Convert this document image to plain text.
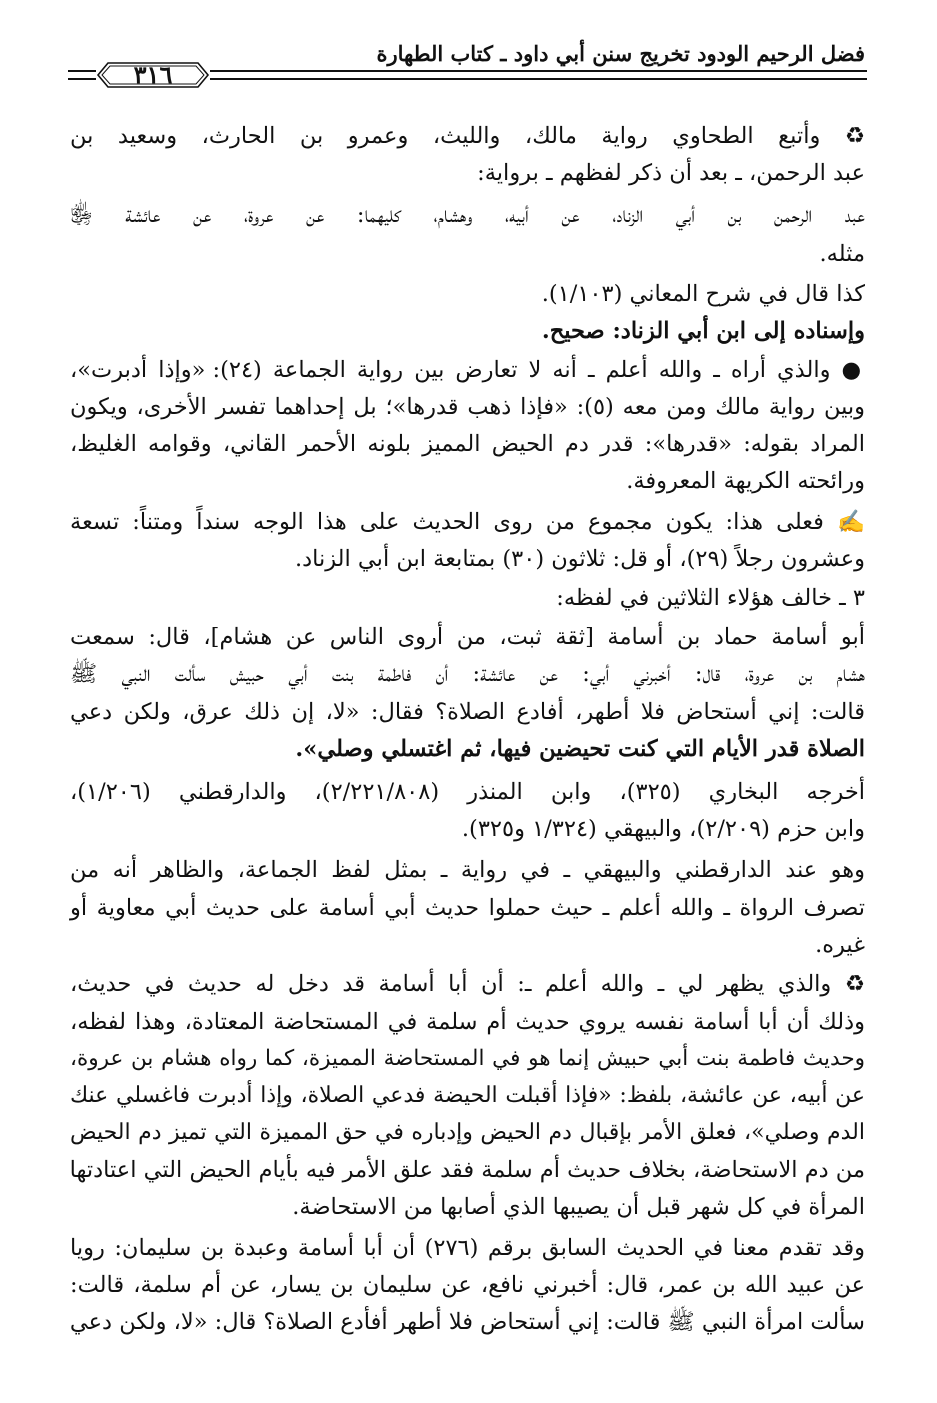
فضل الرحيم الودود تخريج سنن أبي داود ـ كتاب الطهارة
٣١٦
♻ وأتبع الطحاوي رواية مالك، والليث، وعمرو بن الحارث، وسعيد بن
عبد الرحمن، ـ بعد أن ذكر لفظهم ـ برواية:
عبد الرحمن بن أبي الزناد، عن أبيه، وهشام، كليهما: عن عروة، عن عائشة ﵂
مثله.
كذا قال في شرح المعاني (١/١٠٣).
وإسناده إلى ابن أبي الزناد: صحيح.
● والذي أراه ـ والله أعلم ـ أنه لا تعارض بين رواية الجماعة (٢٤): «وإذا أدبرت»،
وبين رواية مالك ومن معه (٥): «فإذا ذهب قدرها»؛ بل إحداهما تفسر الأخرى، ويكون
المراد بقوله: «قدرها»: قدر دم الحيض المميز بلونه الأحمر القاني، وقوامه الغليظ،
ورائحته الكريهة المعروفة.
✍ فعلى هذا: يكون مجموع من روى الحديث على هذا الوجه سنداً ومتناً: تسعة
وعشرون رجلاً (٢٩)، أو قل: ثلاثون (٣٠) بمتابعة ابن أبي الزناد.
٣ ـ خالف هؤلاء الثلاثين في لفظه:
أبو أسامة حماد بن أسامة [ثقة ثبت، من أروى الناس عن هشام]، قال: سمعت
هشام بن عروة، قال: أخبرني أبي: عن عائشة: أن فاطمة بنت أبي حبيش سألت النبي ﷺ
قالت: إني أستحاض فلا أطهر، أفادع الصلاة؟ فقال: «لا، إن ذلك عرق، ولكن دعي
الصلاة قدر الأيام التي كنت تحيضين فيها، ثم اغتسلي وصلي».
أخرجه البخاري (٣٢٥)، وابن المنذر (٢/٢٢١/٨٠٨)، والدارقطني (١/٢٠٦)،
وابن حزم (٢/٢٠٩)، والبيهقي (١/٣٢٤ و٣٢٥).
وهو عند الدارقطني والبيهقي ـ في رواية ـ بمثل لفظ الجماعة، والظاهر أنه من
تصرف الرواة ـ والله أعلم ـ حيث حملوا حديث أبي أسامة على حديث أبي معاوية أو
غيره.
♻ والذي يظهر لي ـ والله أعلم ـ: أن أبا أسامة قد دخل له حديث في حديث،
وذلك أن أبا أسامة نفسه يروي حديث أم سلمة في المستحاضة المعتادة، وهذا لفظه،
وحديث فاطمة بنت أبي حبيش إنما هو في المستحاضة المميزة، كما رواه هشام بن عروة،
عن أبيه، عن عائشة، بلفظ: «فإذا أقبلت الحيضة فدعي الصلاة، وإذا أدبرت فاغسلي عنك
الدم وصلي»، فعلق الأمر بإقبال دم الحيض وإدباره في حق المميزة التي تميز دم الحيض
من دم الاستحاضة، بخلاف حديث أم سلمة فقد علق الأمر فيه بأيام الحيض التي اعتادتها
المرأة في كل شهر قبل أن يصيبها الذي أصابها من الاستحاضة.
وقد تقدم معنا في الحديث السابق برقم (٢٧٦) أن أبا أسامة وعبدة بن سليمان: رويا
عن عبيد الله بن عمر، قال: أخبرني نافع، عن سليمان بن يسار، عن أم سلمة، قالت:
سألت امرأة النبي ﷺ قالت: إني أستحاض فلا أطهر أفأدع الصلاة؟ قال: «لا، ولكن دعي
